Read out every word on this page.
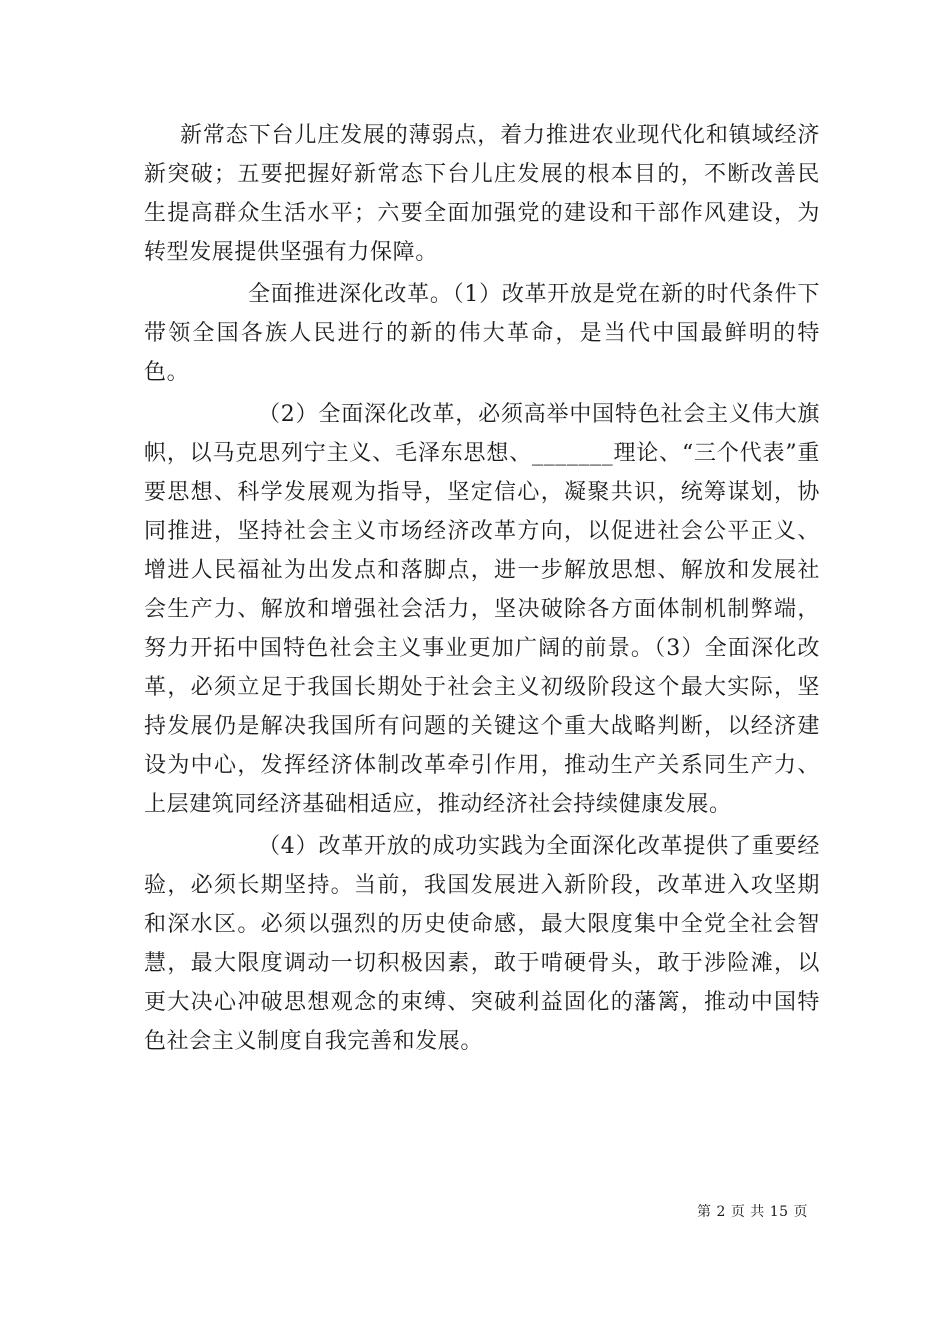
新常态下台儿庄发展的薄弱点，着力推进农业现代化和镇域经济新突破；五要把握好新常态下台儿庄发展的根本目的，不断改善民生提高群众生活水平；六要全面加强党的建设和干部作风建设，为转型发展提供坚强有力保障。

全面推进深化改革。（1）改革开放是党在新的时代条件下带领全国各族人民进行的新的伟大革命，是当代中国最鲜明的特色。

（2）全面深化改革，必须高举中国特色社会主义伟大旗帜，以马克思列宁主义、毛泽东思想、_______理论、“三个代表”重要思想、科学发展观为指导，坚定信心，凝聚共识，统筹谋划，协同推进，坚持社会主义市场经济改革方向，以促进社会公平正义、增进人民福祉为出发点和落脚点，进一步解放思想、解放和发展社会生产力、解放和增强社会活力，坚决破除各方面体制机制弊端，努力开拓中国特色社会主义事业更加广阔的前景。（3）全面深化改革，必须立足于我国长期处于社会主义初级阶段这个最大实际，坚持发展仍是解决我国所有问题的关键这个重大战略判断，以经济建设为中心，发挥经济体制改革牵引作用，推动生产关系同生产力、上层建筑同经济基础相适应，推动经济社会持续健康发展。

（4）改革开放的成功实践为全面深化改革提供了重要经验，必须长期坚持。当前，我国发展进入新阶段，改革进入攻坚期和深水区。必须以强烈的历史使命感，最大限度集中全党全社会智慧，最大限度调动一切积极因素，敢于啃硬骨头，敢于涉险滩，以更大决心冲破思想观念的束缚、突破利益固化的藩篱，推动中国特色社会主义制度自我完善和发展。

第 2 页 共 15 页
